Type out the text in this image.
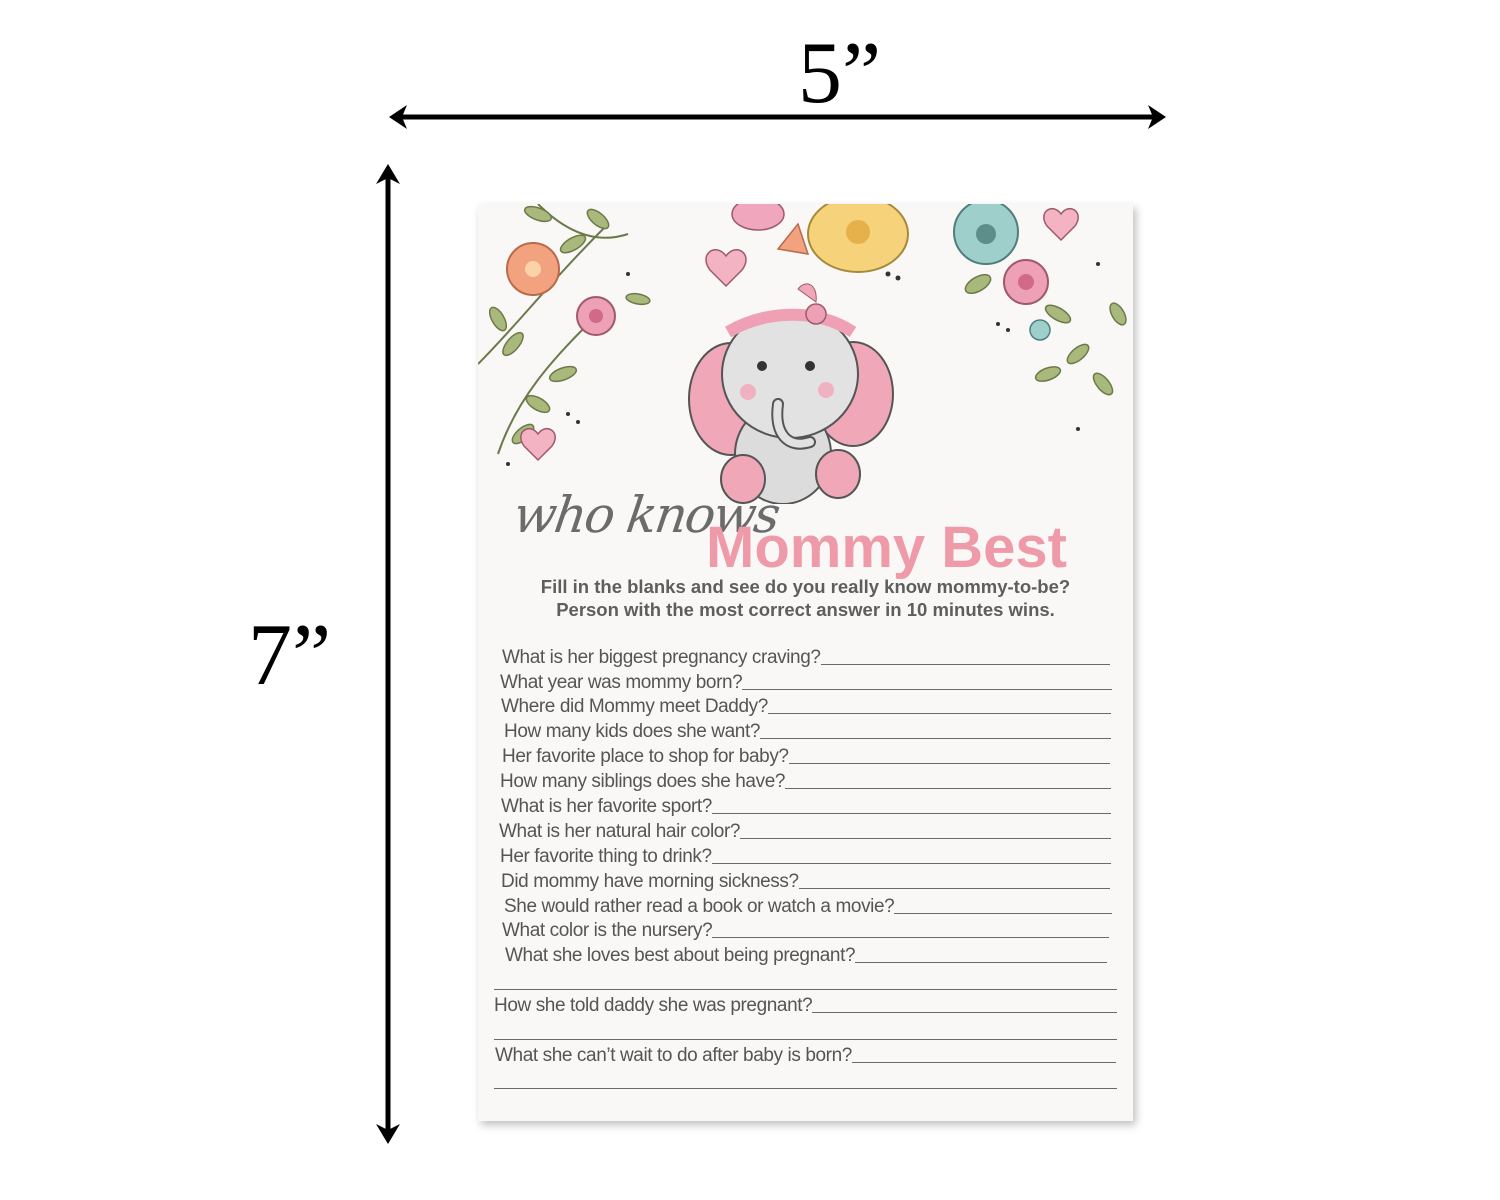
5”
7”
who knows
Mommy Best
Fill in the blanks and see do you really know mommy-to-be?
Person with the most correct answer in 10 minutes wins.
What is her biggest pregnancy craving?
What year was mommy born?
Where did Mommy meet Daddy?
How many kids does she want?
Her favorite place to shop for baby?
How many siblings does she have?
What is her favorite sport?
What is her natural hair color?
Her favorite thing to drink?
Did mommy have morning sickness?
She would rather read a book or watch a movie?
What color is the nursery?
What she loves best about being pregnant?
How she told daddy she was pregnant?
What she can’t wait to do after baby is born?
